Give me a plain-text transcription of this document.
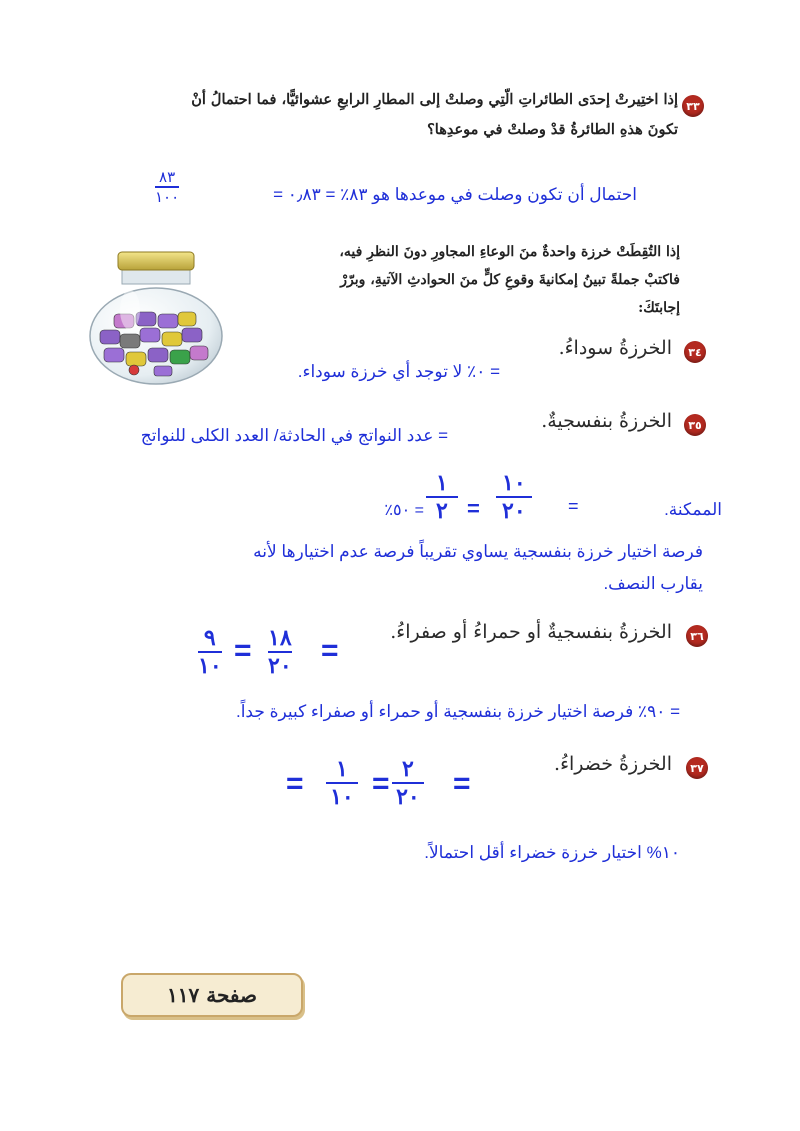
٣٣
إذا اختِيرتْ إحدَى الطائراتِ الّتِي وصلتْ إلى المطارِ الرابعِ عشوائيًّا، فما احتمالُ أنْ
تكونَ هذهِ الطائرةُ قدْ وصلتْ في موعدِها؟
احتمال أن تكون وصلت في موعدها هو ٨٣٪ = ٠٫٨٣ =
٨٣
١٠٠
إذا التُقِطَتْ خرزة واحدةٌ منَ الوعاءِ المجاورِ دونَ النظرِ فيه،
فاكتبْ جملةً تبينُ إمكانيةَ وقوعِ كلٍّ منَ الحوادثِ الآتيةِ، وبرّرْ
إجابتَكَ:
٣٤
الخرزةُ سوداءُ.
= ٠٪ لا توجد أي خرزة سوداء.
٣٥
الخرزةُ بنفسجيةٌ.
= عدد النواتج في الحادثة/ العدد الكلى للنواتج
الممكنة.
=
١٠
٢٠
=
١
٢
= ٥٠٪
فرصة اختيار خرزة بنفسجية يساوي تقريباً فرصة عدم اختيارها لأنه
يقارب النصف.
٣٦
الخرزةُ بنفسجيةٌ أو حمراءُ أو صفراءُ.
=
١٨
٢٠
=
٩
١٠
= ٩٠٪ فرصة اختيار خرزة بنفسجية أو حمراء أو صفراء كبيرة جداً.
٣٧
الخرزةُ خضراءُ.
=
٢
٢٠
=
١
١٠
=
١٠% اختيار خرزة خضراء أقل احتمالاً.
صفحة ١١٧
